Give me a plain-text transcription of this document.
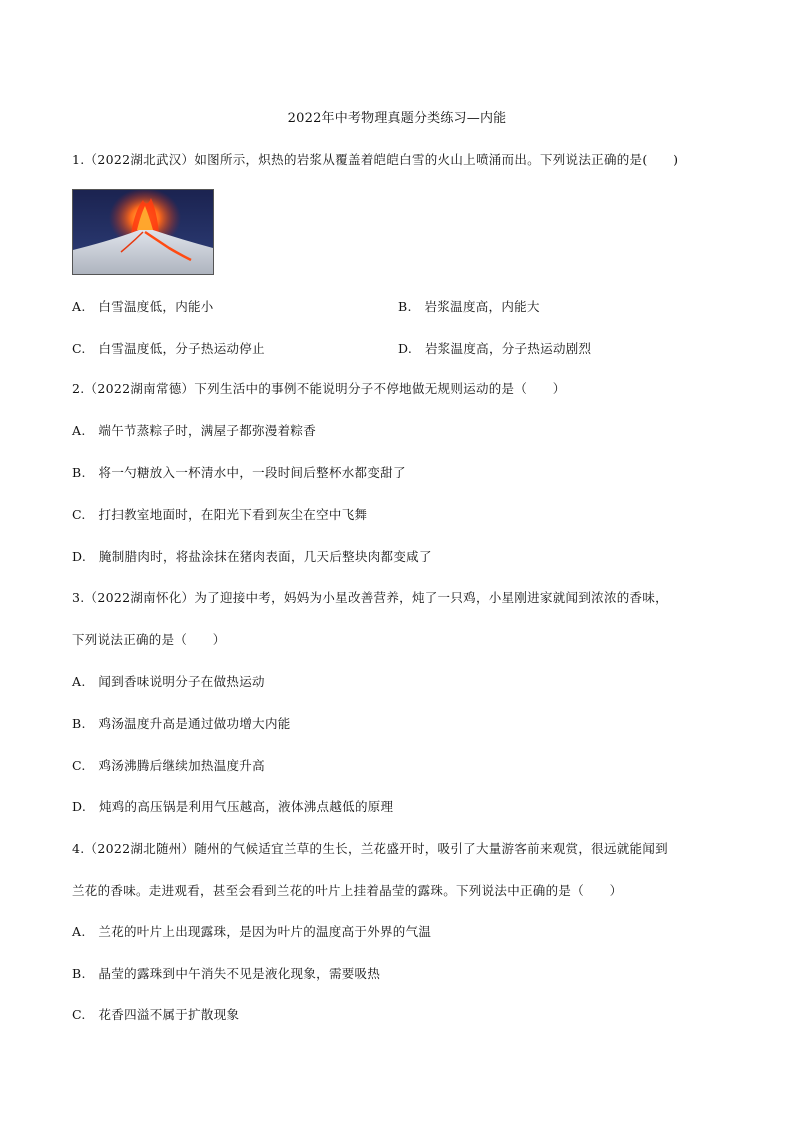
2022年中考物理真题分类练习—内能
1.（2022湖北武汉）如图所示，炽热的岩浆从覆盖着皑皑白雪的火山上喷涌而出。下列说法正确的是(　　)
A.　白雪温度低，内能小	B.　岩浆温度高，内能大
C.　白雪温度低，分子热运动停止	D.　岩浆温度高，分子热运动剧烈
2.（2022湖南常德）下列生活中的事例不能说明分子不停地做无规则运动的是（　　）
A.　端午节蒸粽子时，满屋子都弥漫着粽香
B.　将一勺糖放入一杯清水中，一段时间后整杯水都变甜了
C.　打扫教室地面时，在阳光下看到灰尘在空中飞舞
D.　腌制腊肉时，将盐涂抹在猪肉表面，几天后整块肉都变咸了
3.（2022湖南怀化）为了迎接中考，妈妈为小星改善营养，炖了一只鸡，小星刚进家就闻到浓浓的香味，
下列说法正确的是（　　）
A.　闻到香味说明分子在做热运动
B.　鸡汤温度升高是通过做功增大内能
C.　鸡汤沸腾后继续加热温度升高
D.　炖鸡的高压锅是利用气压越高，液体沸点越低的原理
4.（2022湖北随州）随州的气候适宜兰草的生长，兰花盛开时，吸引了大量游客前来观赏，很远就能闻到
兰花的香味。走进观看，甚至会看到兰花的叶片上挂着晶莹的露珠。下列说法中正确的是（　　）
A.　兰花的叶片上出现露珠，是因为叶片的温度高于外界的气温
B.　晶莹的露珠到中午消失不见是液化现象，需要吸热
C.　花香四溢不属于扩散现象
